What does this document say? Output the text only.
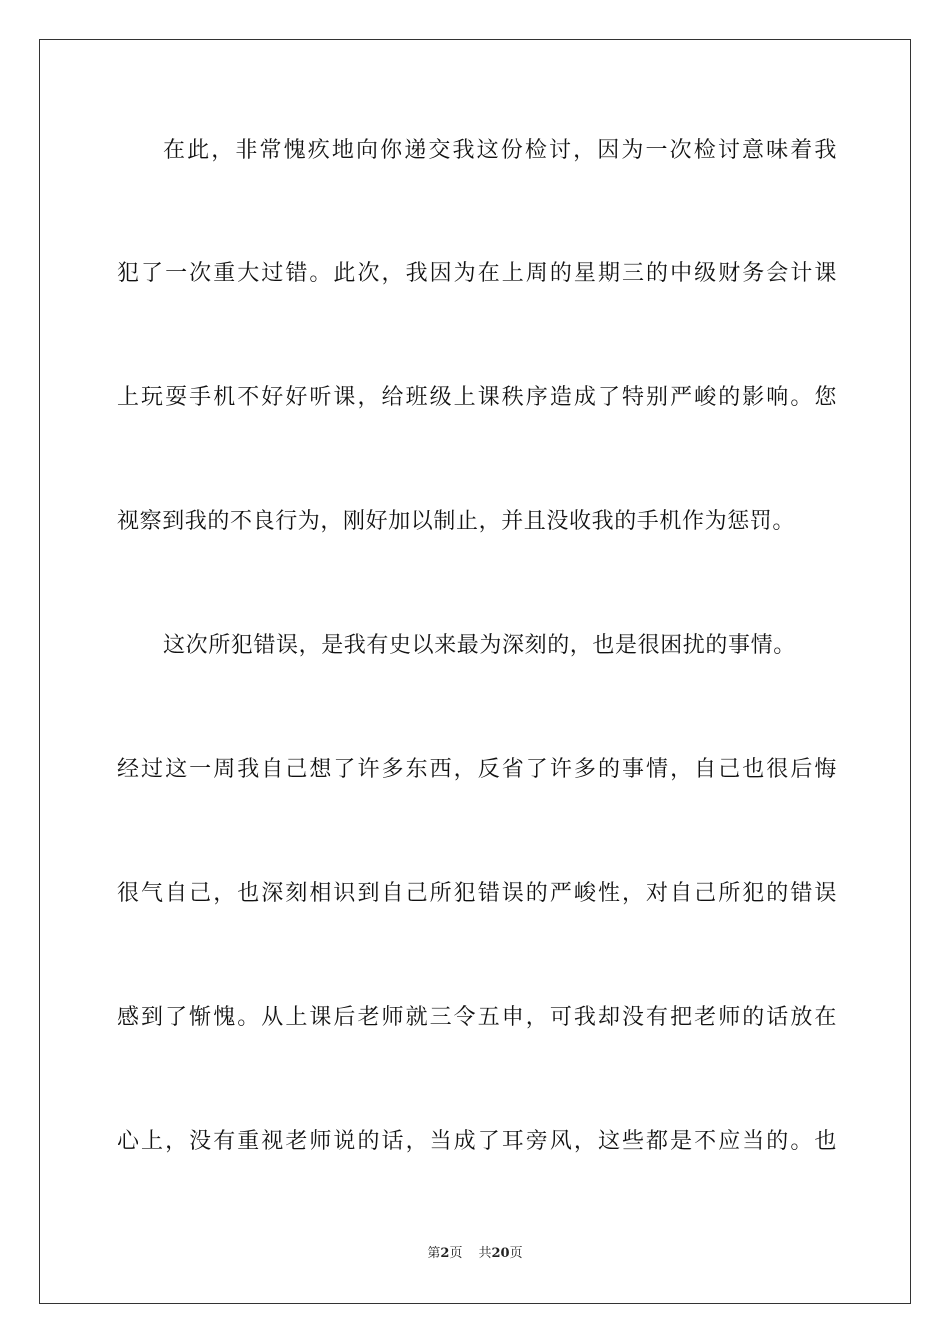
在此，非常愧疚地向你递交我这份检讨，因为一次检讨意味着我
犯了一次重大过错。此次，我因为在上周的星期三的中级财务会计课
上玩耍手机不好好听课，给班级上课秩序造成了特别严峻的影响。您
视察到我的不良行为，刚好加以制止，并且没收我的手机作为惩罚。
这次所犯错误，是我有史以来最为深刻的，也是很困扰的事情。
经过这一周我自己想了许多东西，反省了许多的事情，自己也很后悔
很气自己，也深刻相识到自己所犯错误的严峻性，对自己所犯的错误
感到了惭愧。从上课后老师就三令五申，可我却没有把老师的话放在
心上，没有重视老师说的话，当成了耳旁风，这些都是不应当的。也
第2页 共20页
